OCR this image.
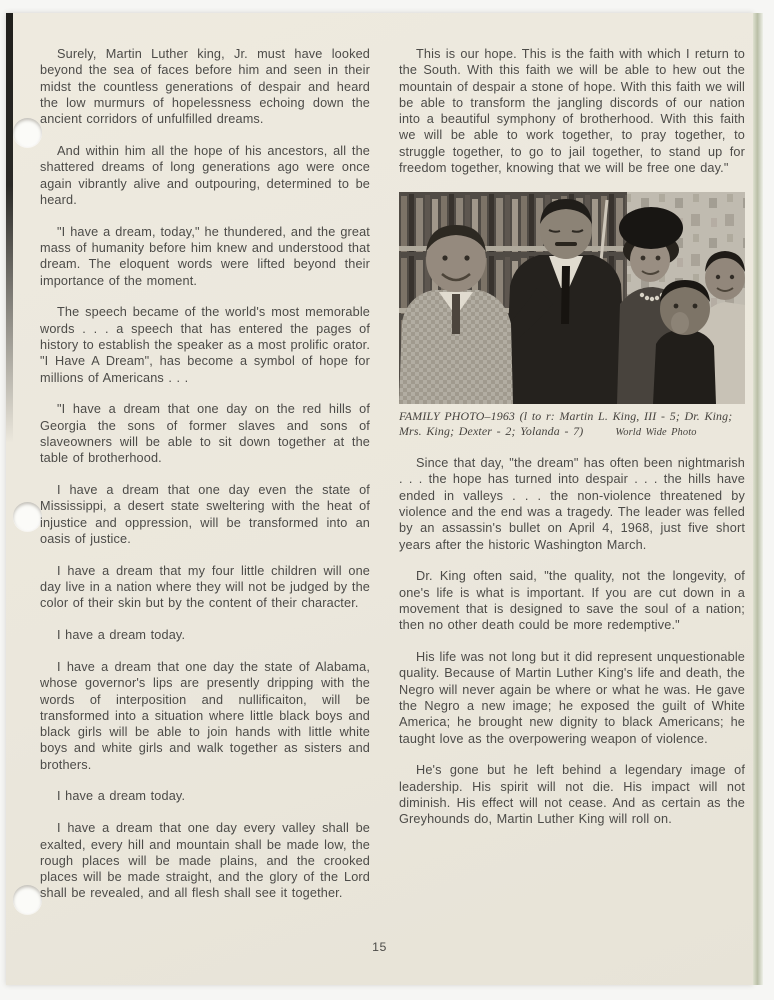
Surely, Martin Luther king, Jr. must have looked beyond the sea of faces before him and seen in their midst the countless generations of despair and heard the low murmurs of hopelessness echoing down the ancient corridors of unfulfilled dreams.

And within him all the hope of his ancestors, all the shattered dreams of long generations ago were once again vibrantly alive and outpouring, determined to be heard.

"I have a dream, today," he thundered, and the great mass of humanity before him knew and understood that dream. The eloquent words were lifted beyond their importance of the moment.

The speech became of the world's most memorable words . . . a speech that has entered the pages of history to establish the speaker as a most prolific orator. "I Have A Dream", has become a symbol of hope for millions of Americans . . .

"I have a dream that one day on the red hills of Georgia the sons of former slaves and sons of slaveowners will be able to sit down together at the table of brotherhood.

I have a dream that one day even the state of Mississippi, a desert state sweltering with the heat of injustice and oppression, will be transformed into an oasis of justice.

I have a dream that my four little children will one day live in a nation where they will not be judged by the color of their skin but by the content of their character.

I have a dream today.

I have a dream that one day the state of Alabama, whose governor's lips are presently dripping with the words of interposition and nullificaiton, will be transformed into a situation where little black boys and black girls will be able to join hands with little white boys and white girls and walk together as sisters and brothers.

I have a dream today.

I have a dream that one day every valley shall be exalted, every hill and mountain shall be made low, the rough places will be made plains, and the crooked places will be made straight, and the glory of the Lord shall be revealed, and all flesh shall see it together.

This is our hope. This is the faith with which I return to the South. With this faith we will be able to hew out the mountain of despair a stone of hope. With this faith we will be able to transform the jangling discords of our nation into a beautiful symphony of brotherhood. With this faith we will be able to work together, to pray together, to struggle together, to go to jail together, to stand up for freedom together, knowing that we will be free one day."

FAMILY PHOTO–1963 (l to r: Martin L. King, III - 5; Dr. King; Mrs. King; Dexter - 2; Yolanda - 7)	World Wide Photo

Since that day, "the dream" has often been nightmarish . . . the hope has turned into despair . . . the hills have ended in valleys . . . the non-violence threatened by violence and the end was a tragedy. The leader was felled by an assassin's bullet on April 4, 1968, just five short years after the historic Washington March.

Dr. King often said, "the quality, not the longevity, of one's life is what is important. If you are cut down in a movement that is designed to save the soul of a nation; then no other death could be more redemptive."

His life was not long but it did represent unquestionable quality. Because of Martin Luther King's life and death, the Negro will never again be where or what he was. He gave the Negro a new image; he exposed the guilt of White America; he brought new dignity to black Americans; he taught love as the overpowering weapon of violence.

He's gone but he left behind a legendary image of leadership. His spirit will not die. His impact will not diminish. His effect will not cease. And as certain as the Greyhounds do, Martin Luther King will roll on.

15
